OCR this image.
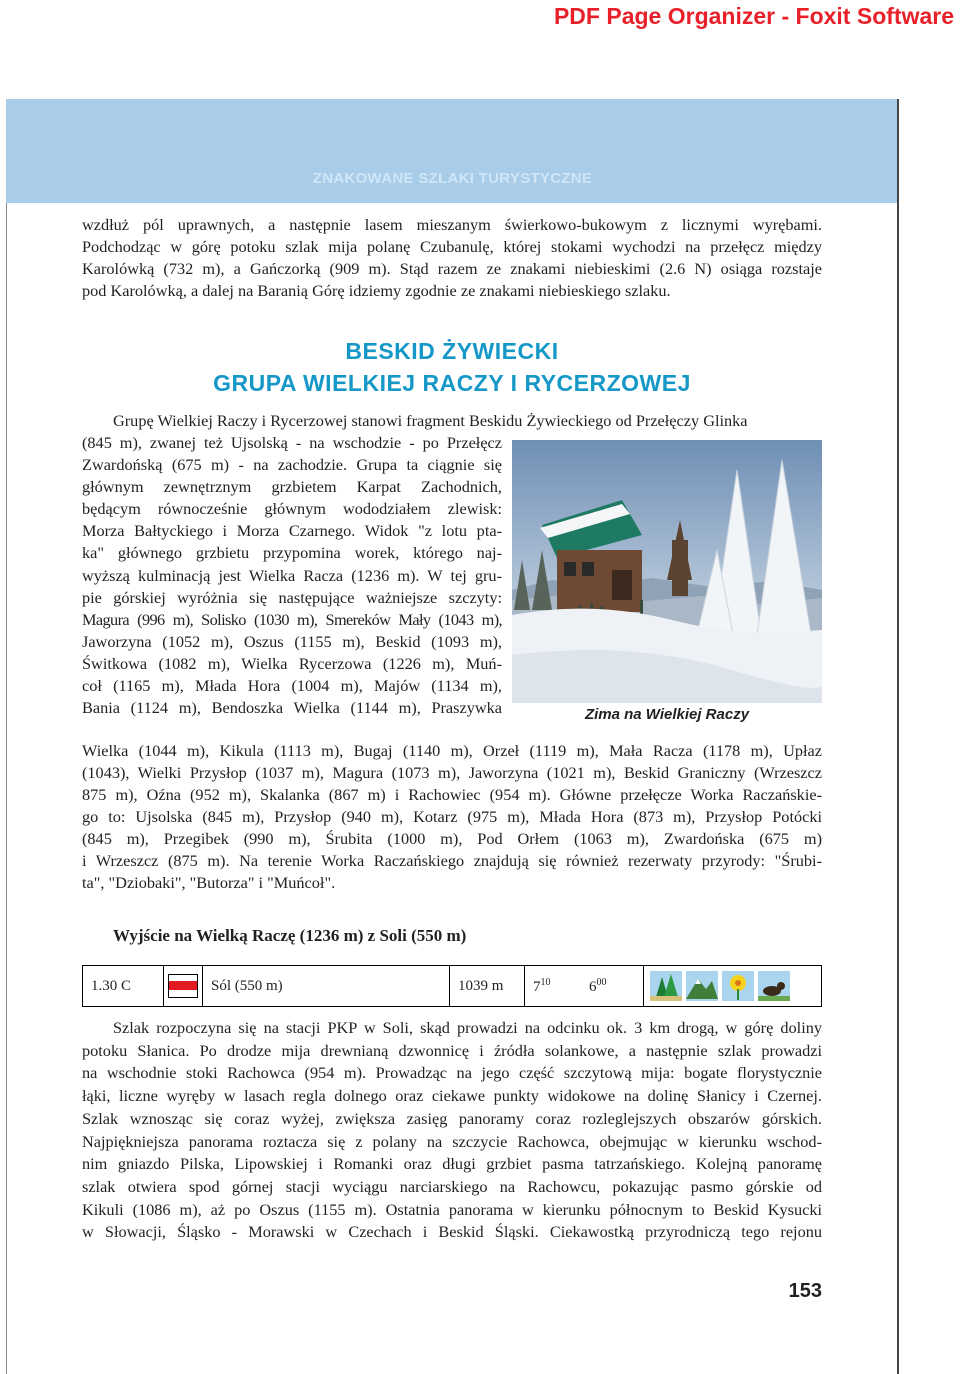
PDF Page Organizer - Foxit Software
ZNAKOWANE SZLAKI TURYSTYCZNE

wzdłuż pól uprawnych, a następnie lasem mieszanym świerkowo-bukowym z licznymi wyrębami.
Podchodząc w górę potoku szlak mija polanę Czubanulę, której stokami wychodzi na przełęcz między
Karolówką (732 m), a Gańczorką (909 m). Stąd razem ze znakami niebieskimi (2.6 N) osiąga rozstaje
pod Karolówką, a dalej na Baranią Górę idziemy zgodnie ze znakami niebieskiego szlaku.

BESKID ŻYWIECKI
GRUPA WIELKIEJ RACZY I RYCERZOWEJ

Grupę Wielkiej Raczy i Rycerzowej stanowi fragment Beskidu Żywieckiego od Przełęczy Glinka

(845 m), zwanej też Ujsolską - na wschodzie - po Przełęcz
Zwardońską (675 m) - na zachodzie. Grupa ta ciągnie się
głównym zewnętrznym grzbietem Karpat Zachodnich,
będącym równocześnie głównym wododziałem zlewisk:
Morza Bałtyckiego i Morza Czarnego. Widok "z lotu pta-
ka" głównego grzbietu przypomina worek, którego naj-
wyższą kulminacją jest Wielka Racza (1236 m). W tej gru-
pie górskiej wyróżnia się następujące ważniejsze szczyty:
Magura (996 m), Solisko (1030 m), Smereków Mały (1043 m),
Jaworzyna (1052 m), Oszus (1155 m), Beskid (1093 m),
Świtkowa (1082 m), Wielka Rycerzowa (1226 m), Muń-
coł (1165 m), Młada Hora (1004 m), Majów (1134 m),
Bania (1124 m), Bendoszka Wielka (1144 m), Praszywka	Zima na Wielkiej Raczy

Wielka (1044 m), Kikula (1113 m), Bugaj (1140 m), Orzeł (1119 m), Mała Racza (1178 m), Upłaz
(1043), Wielki Przysłop (1037 m), Magura (1073 m), Jaworzyna (1021 m), Beskid Graniczny (Wrzeszcz
875 m), Oźna (952 m), Skalanka (867 m) i Rachowiec (954 m). Główne przełęcze Worka Raczańskie-
go to: Ujsolska (845 m), Przysłop (940 m), Kotarz (975 m), Młada Hora (873 m), Przysłop Potócki
(845 m), Przegibek (990 m), Śrubita (1000 m), Pod Orłem (1063 m), Zwardońska (675 m)
i Wrzeszcz (875 m). Na terenie Worka Raczańskiego znajdują się również rezerwaty przyrody: "Śrubi-
ta", "Dziobaki", "Butorza" i "Muńcoł".

Wyjście na Wielką Raczę (1236 m) z Soli (550 m)
1.30 C		Sól (550 m)	1039 m	$7^{10}$	$6^{00}$	

Szlak rozpoczyna się na stacji PKP w Soli, skąd prowadzi na odcinku ok. 3 km drogą, w górę doliny
potoku Słanica. Po drodze mija drewnianą dzwonnicę i źródła solankowe, a następnie szlak prowadzi
na wschodnie stoki Rachowca (954 m). Prowadząc na jego część szczytową mija: bogate florystycznie
łąki, liczne wyręby w lasach regla dolnego oraz ciekawe punkty widokowe na dolinę Słanicy i Czernej.
Szlak wznosząc się coraz wyżej, zwiększa zasięg panoramy coraz rozleglejszych obszarów górskich.
Najpiękniejsza panorama roztacza się z polany na szczycie Rachowca, obejmując w kierunku wschod-
nim gniazdo Pilska, Lipowskiej i Romanki oraz długi grzbiet pasma tatrzańskiego. Kolejną panoramę
szlak otwiera spod górnej stacji wyciągu narciarskiego na Rachowcu, pokazując pasmo górskie od
Kikuli (1086 m), aż po Oszus (1155 m). Ostatnia panorama w kierunku północnym to Beskid Kysucki
w Słowacji, Śląsko - Morawski w Czechach i Beskid Śląski. Ciekawostką przyrodniczą tego rejonu

153
